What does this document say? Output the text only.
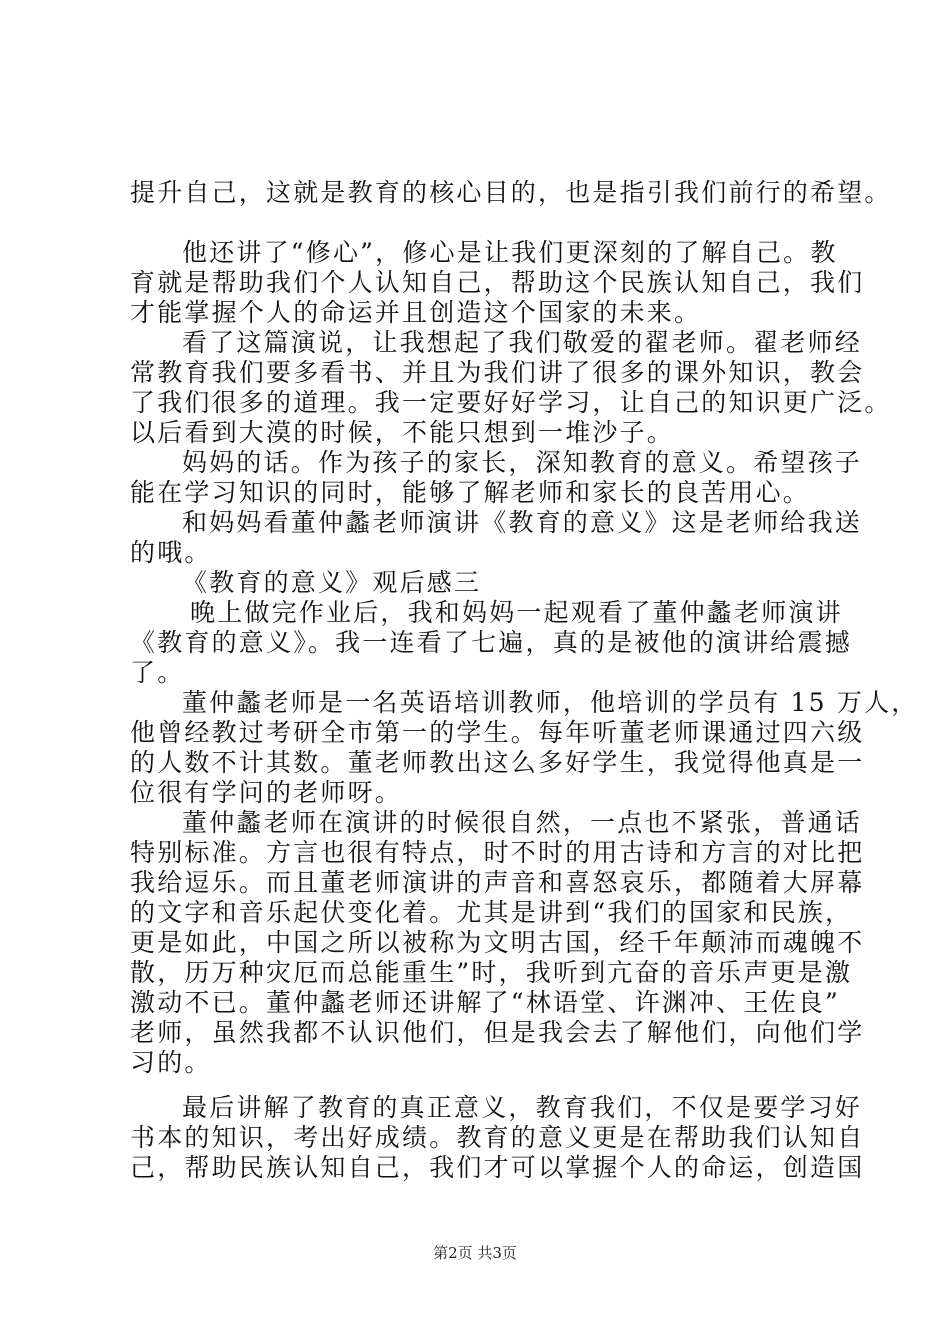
提升自己，这就是教育的核心目的，也是指引我们前行的希望。
他还讲了“修心”，修心是让我们更深刻的了解自己。教
育就是帮助我们个人认知自己，帮助这个民族认知自己，我们
才能掌握个人的命运并且创造这个国家的未来。
看了这篇演说，让我想起了我们敬爱的翟老师。翟老师经
常教育我们要多看书、并且为我们讲了很多的课外知识，教会
了我们很多的道理。我一定要好好学习，让自己的知识更广泛。
以后看到大漠的时候，不能只想到一堆沙子。
妈妈的话。作为孩子的家长，深知教育的意义。希望孩子
能在学习知识的同时，能够了解老师和家长的良苦用心。
和妈妈看董仲蠡老师演讲《教育的意义》这是老师给我送
的哦。
《教育的意义》观后感三
晚上做完作业后，我和妈妈一起观看了董仲蠡老师演讲
《教育的意义》。我一连看了七遍，真的是被他的演讲给震撼
了。
董仲蠡老师是一名英语培训教师，他培训的学员有 15 万人，
他曾经教过考研全市第一的学生。每年听董老师课通过四六级
的人数不计其数。董老师教出这么多好学生，我觉得他真是一
位很有学问的老师呀。
董仲蠡老师在演讲的时候很自然，一点也不紧张，普通话
特别标准。方言也很有特点，时不时的用古诗和方言的对比把
我给逗乐。而且董老师演讲的声音和喜怒哀乐，都随着大屏幕
的文字和音乐起伏变化着。尤其是讲到“我们的国家和民族，
更是如此，中国之所以被称为文明古国，经千年颠沛而魂魄不
散，历万种灾厄而总能重生”时，我听到亢奋的音乐声更是激
激动不已。董仲蠡老师还讲解了“林语堂、许渊冲、王佐良”
老师，虽然我都不认识他们，但是我会去了解他们，向他们学
习的。
最后讲解了教育的真正意义，教育我们，不仅是要学习好
书本的知识，考出好成绩。教育的意义更是在帮助我们认知自
己，帮助民族认知自己，我们才可以掌握个人的命运，创造国
第2页 共3页
